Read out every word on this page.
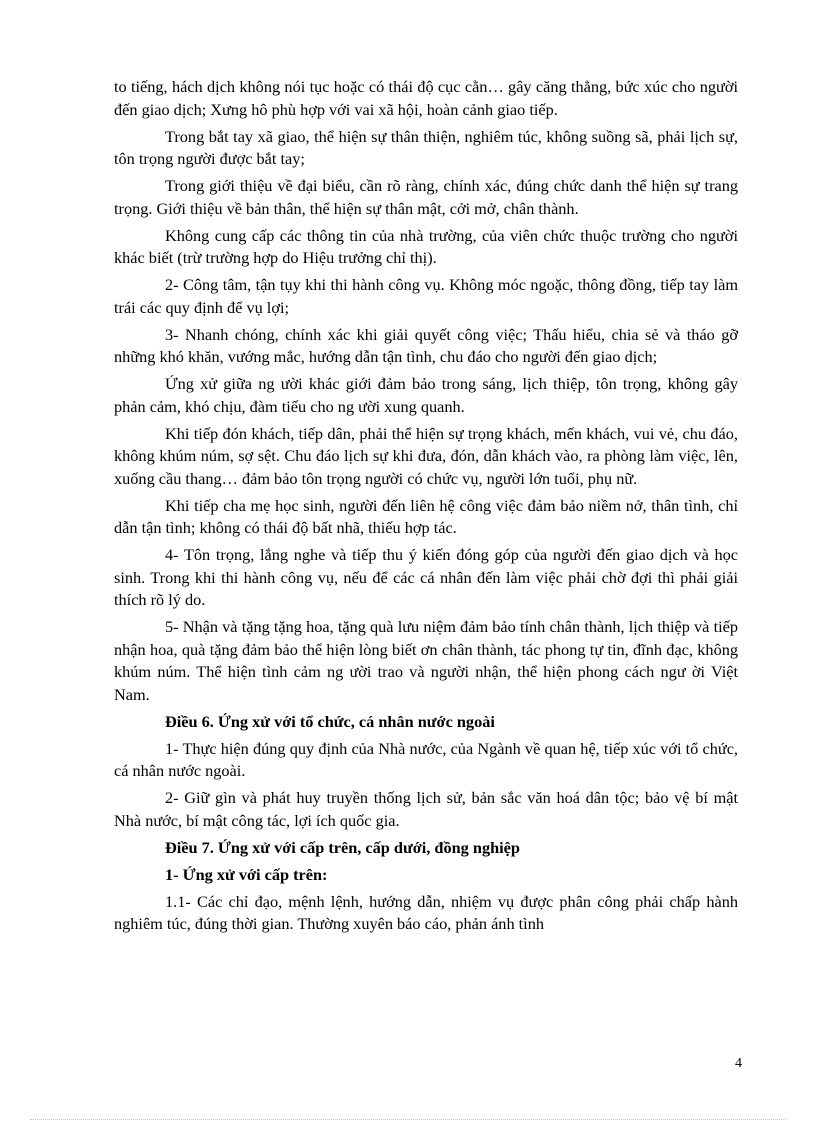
to tiếng, hách dịch không nói tục hoặc có thái độ cục cằn… gây căng thẳng, bức xúc cho người đến giao dịch; Xưng hô phù hợp với vai xã hội, hoàn cảnh giao tiếp.

Trong bắt tay xã giao, thể hiện sự thân thiện, nghiêm túc, không suồng sã, phải lịch sự, tôn trọng người được bắt tay;

Trong giới thiệu về đại biểu, cần rõ ràng, chính xác, đúng chức danh thể hiện sự trang trọng. Giới thiệu về bản thân, thể hiện sự thân mật, cởi mở, chân thành.

Không cung cấp các thông tin của nhà trường, của viên chức thuộc trường cho người khác biết (trừ trường hợp do Hiệu trưởng chỉ thị).

2- Công tâm, tận tụy khi thi hành công vụ. Không móc ngoặc, thông đồng, tiếp tay làm trái các quy định để vụ lợi;

3- Nhanh chóng, chính xác khi giải quyết công việc; Thấu hiểu, chia sẻ và tháo gỡ những khó khăn, vướng mắc, hướng dẫn tận tình, chu đáo cho người đến giao dịch;

Ứng xử giữa ng ười khác giới đảm bảo trong sáng, lịch thiệp, tôn trọng, không gây phản cảm, khó chịu, đàm tiếu cho ng ười xung quanh.

Khi tiếp đón khách, tiếp dân, phải thể hiện sự trọng khách, mến khách, vui vẻ, chu đáo, không khúm núm, sợ sệt. Chu đáo lịch sự khi đưa, đón, dẫn khách vào, ra phòng làm việc, lên, xuống cầu thang… đảm bảo tôn trọng người có chức vụ, người lớn tuổi, phụ nữ.

Khi tiếp cha mẹ học sinh, người đến liên hệ công việc đảm bảo niềm nở, thân tình, chỉ dẫn tận tình; không có thái độ bất nhã, thiếu hợp tác.

4- Tôn trọng, lắng nghe và tiếp thu ý kiến đóng góp của người đến giao dịch và học sinh. Trong khi thi hành công vụ, nếu để các cá nhân đến làm việc phải chờ đợi thì phải giải thích rõ lý do.

5- Nhận và tặng tặng hoa, tặng quà lưu niệm đảm bảo tính chân thành, lịch thiệp và tiếp nhận hoa, quà tặng đảm bảo thể hiện lòng biết ơn chân thành, tác phong tự tin, đĩnh đạc, không khúm núm. Thể hiện tình cảm ng ười trao và người nhận, thể hiện phong cách ngư ời Việt Nam.

Điều 6. Ứng xử với tổ chức, cá nhân nước ngoài

1- Thực hiện đúng quy định của Nhà nước, của Ngành về quan hệ, tiếp xúc với tổ chức, cá nhân nước ngoài.

2- Giữ gìn và phát huy truyền thống lịch sử, bản sắc văn hoá dân tộc; bảo vệ bí mật Nhà nước, bí mật công tác, lợi ích quốc gia.

Điều 7. Ứng xử với cấp trên, cấp dưới, đồng nghiệp

1- Ứng xử với cấp trên:

1.1- Các chỉ đạo, mệnh lệnh, hướng dẫn, nhiệm vụ được phân công phải chấp hành nghiêm túc, đúng thời gian. Thường xuyên báo cáo, phản ánh tình

4
